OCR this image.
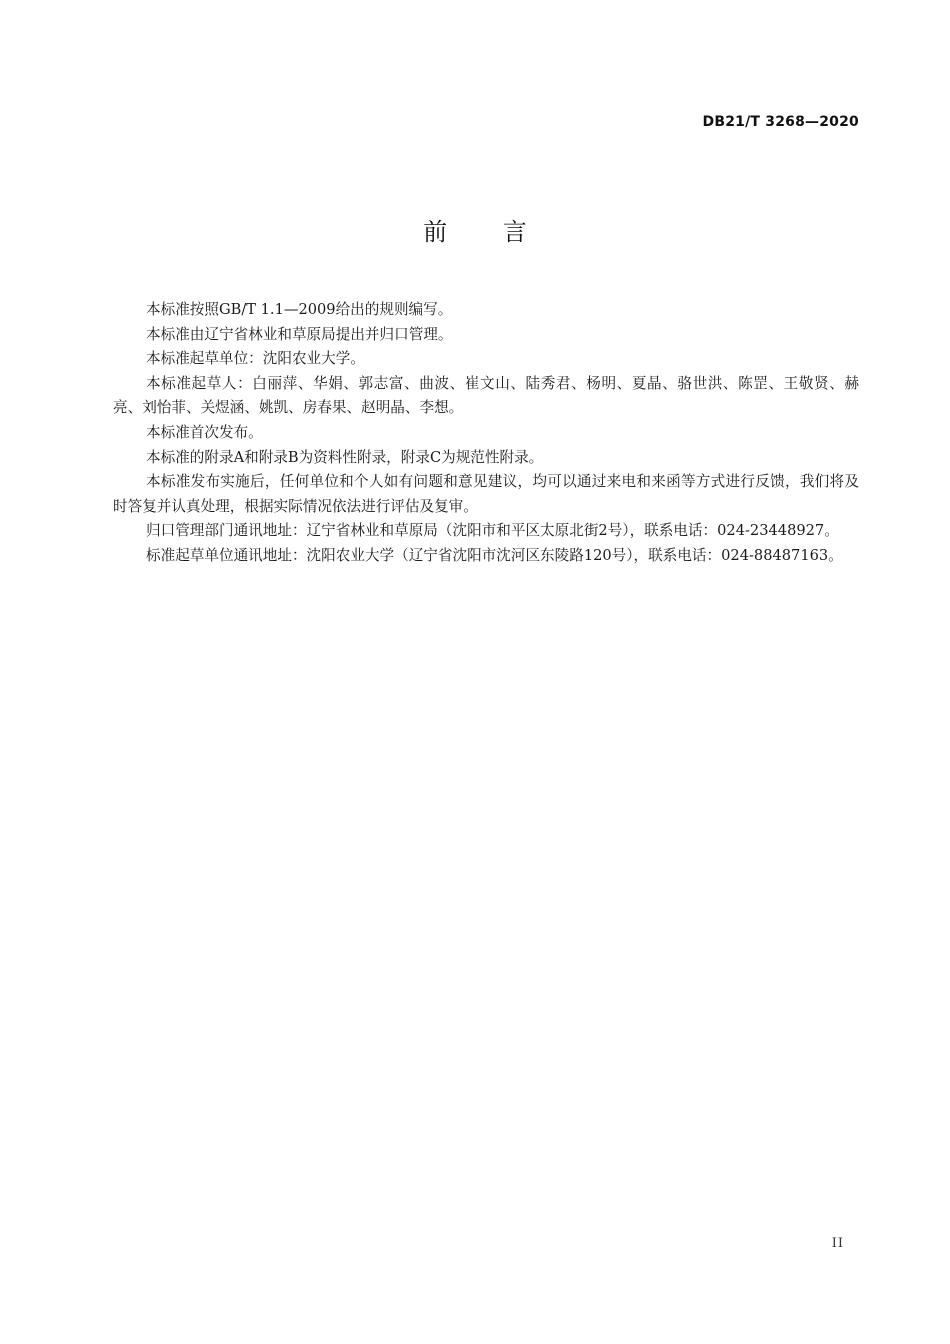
DB21/T 3268—2020
前 言

本标准按照GB/T 1.1—2009给出的规则编写。

本标准由辽宁省林业和草原局提出并归口管理。

本标准起草单位：沈阳农业大学。

本标准起草人：白丽萍、华娟、郭志富、曲波、崔文山、陆秀君、杨明、夏晶、骆世洪、陈罡、王敬贤、赫亮、刘怡菲、关煜涵、姚凯、房春果、赵明晶、李想。

本标准首次发布。

本标准的附录A和附录B为资料性附录，附录C为规范性附录。

本标准发布实施后，任何单位和个人如有问题和意见建议，均可以通过来电和来函等方式进行反馈，我们将及时答复并认真处理，根据实际情况依法进行评估及复审。

归口管理部门通讯地址：辽宁省林业和草原局（沈阳市和平区太原北街2号），联系电话：024-23448927。

标准起草单位通讯地址：沈阳农业大学（辽宁省沈阳市沈河区东陵路120号），联系电话：024-88487163。

II
